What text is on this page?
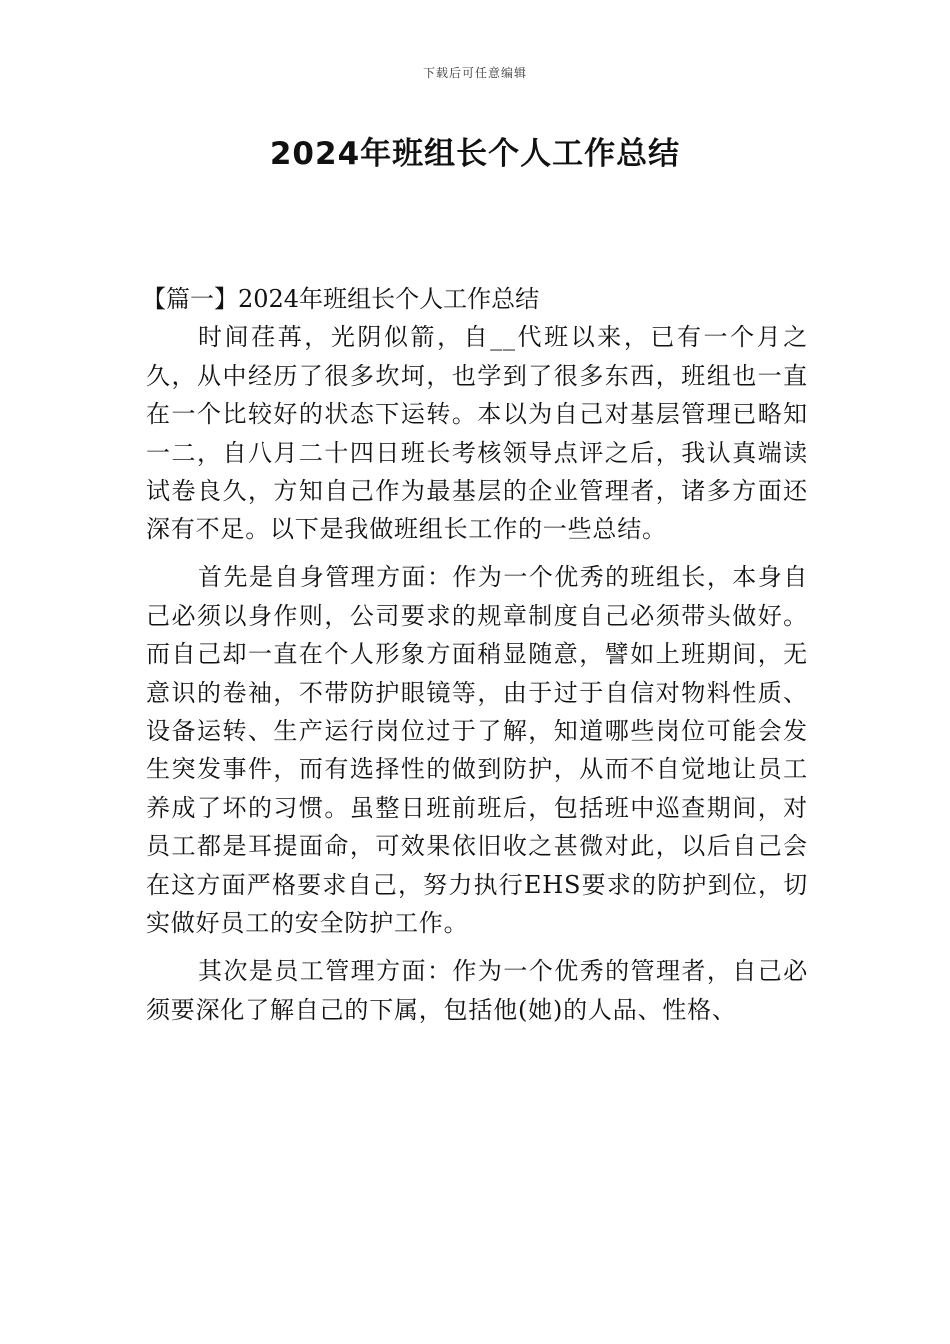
下载后可任意编辑
2024年班组长个人工作总结

【篇一】2024年班组长个人工作总结

时间荏苒，光阴似箭，自__代班以来，已有一个月之久，从中经历了很多坎坷，也学到了很多东西，班组也一直在一个比较好的状态下运转。本以为自己对基层管理已略知一二，自八月二十四日班长考核领导点评之后，我认真端读试卷良久，方知自己作为最基层的企业管理者，诸多方面还深有不足。以下是我做班组长工作的一些总结。

首先是自身管理方面：作为一个优秀的班组长，本身自己必须以身作则，公司要求的规章制度自己必须带头做好。而自己却一直在个人形象方面稍显随意，譬如上班期间，无意识的卷袖，不带防护眼镜等，由于过于自信对物料性质、设备运转、生产运行岗位过于了解，知道哪些岗位可能会发生突发事件，而有选择性的做到防护，从而不自觉地让员工养成了坏的习惯。虽整日班前班后，包括班中巡查期间，对员工都是耳提面命，可效果依旧收之甚微对此，以后自己会在这方面严格要求自己，努力执行EHS要求的防护到位，切实做好员工的安全防护工作。

其次是员工管理方面：作为一个优秀的管理者，自己必须要深化了解自己的下属，包括他(她)的人品、性格、
